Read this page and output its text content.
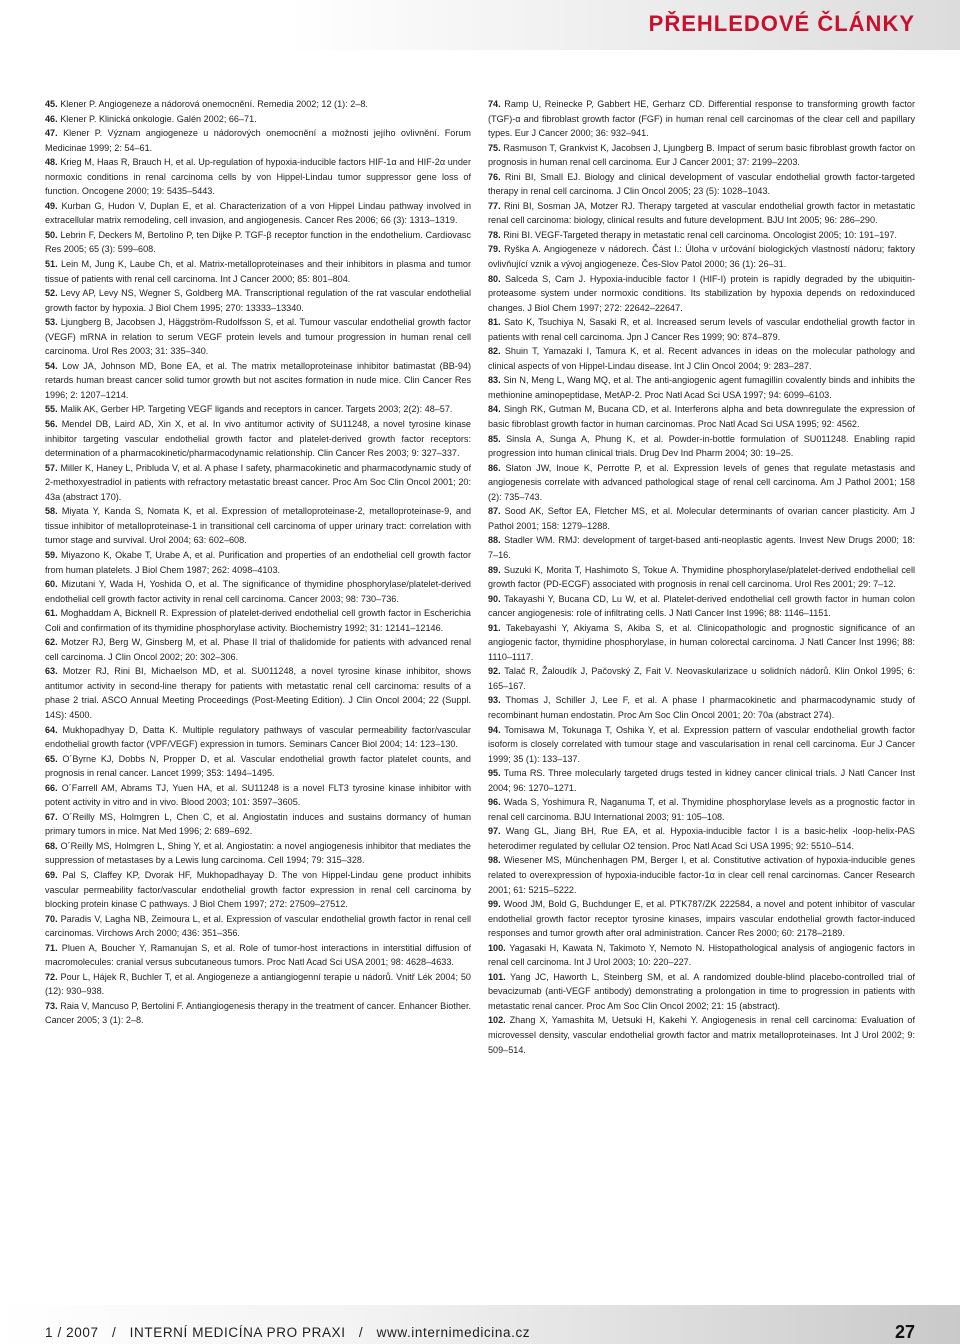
PŘEHLEDOVÉ ČLÁNKY

45. Klener P. Angiogeneze a nádorová onemocnění. Remedia 2002; 12 (1): 2–8.

46. Klener P. Klinická onkologie. Galén 2002; 66–71.

47. Klener P. Význam angiogeneze u nádorových onemocnění a možnosti jejího ovlivnění. Forum Medicinae 1999; 2: 54–61.

48. Krieg M, Haas R, Brauch H, et al. Up-regulation of hypoxia-inducible factors HIF-1α and HIF-2α under normoxic conditions in renal carcinoma cells by von Hippel-Lindau tumor suppressor gene loss of function. Oncogene 2000; 19: 5435–5443.

49. Kurban G, Hudon V, Duplan E, et al. Characterization of a von Hippel Lindau pathway involved in extracellular matrix remodeling, cell invasion, and angiogenesis. Cancer Res 2006; 66 (3): 1313–1319.

50. Lebrin F, Deckers M, Bertolino P, ten Dijke P. TGF-β receptor function in the endothelium. Cardiovasc Res 2005; 65 (3): 599–608.

51. Lein M, Jung K, Laube Ch, et al. Matrix-metalloproteinases and their inhibitors in plasma and tumor tissue of patients with renal cell carcinoma. Int J Cancer 2000; 85: 801–804.

52. Levy AP, Levy NS, Wegner S, Goldberg MA. Transcriptional regulation of the rat vascular endothelial growth factor by hypoxia. J Biol Chem 1995; 270: 13333–13340.

53. Ljungberg B, Jacobsen J, Häggström-Rudolfsson S, et al. Tumour vascular endothelial growth factor (VEGF) mRNA in relation to serum VEGF protein levels and tumour progression in human renal cell carcinoma. Urol Res 2003; 31: 335–340.

54. Low JA, Johnson MD, Bone EA, et al. The matrix metalloproteinase inhibitor batimastat (BB-94) retards human breast cancer solid tumor growth but not ascites formation in nude mice. Clin Cancer Res 1996; 2: 1207–1214.

55. Malik AK, Gerber HP. Targeting VEGF ligands and receptors in cancer. Targets 2003; 2(2): 48–57.

56. Mendel DB, Laird AD, Xin X, et al. In vivo antitumor activity of SU11248, a novel tyrosine kinase inhibitor targeting vascular endothelial growth factor and platelet-derived growth factor receptors: determination of a pharmacokinetic/pharmacodynamic relationship. Clin Cancer Res 2003; 9: 327–337.

57. Miller K, Haney L, Pribluda V, et al. A phase I safety, pharmacokinetic and pharmacodynamic study of 2-methoxyestradiol in patients with refractory metastatic breast cancer. Proc Am Soc Clin Oncol 2001; 20: 43a (abstract 170).

58. Miyata Y, Kanda S, Nomata K, et al. Expression of metalloproteinase-2, metalloproteinase-9, and tissue inhibitor of metalloproteinase-1 in transitional cell carcinoma of upper urinary tract: correlation with tumor stage and survival. Urol 2004; 63: 602–608.

59. Miyazono K, Okabe T, Urabe A, et al. Purification and properties of an endothelial cell growth factor from human platelets. J Biol Chem 1987; 262: 4098–4103.

60. Mizutani Y, Wada H, Yoshida O, et al. The significance of thymidine phosphorylase/platelet-derived endothelial cell growth factor activity in renal cell carcinoma. Cancer 2003; 98: 730–736.

61. Moghaddam A, Bicknell R. Expression of platelet-derived endothelial cell growth factor in Escherichia Coli and confirmation of its thymidine phosphorylase activity. Biochemistry 1992; 31: 12141–12146.

62. Motzer RJ, Berg W, Ginsberg M, et al. Phase II trial of thalidomide for patients with advanced renal cell carcinoma. J Clin Oncol 2002; 20: 302–306.

63. Motzer RJ, Rini BI, Michaelson MD, et al. SU011248, a novel tyrosine kinase inhibitor, shows antitumor activity in second-line therapy for patients with metastatic renal cell carcinoma: results of a phase 2 trial. ASCO Annual Meeting Proceedings (Post-Meeting Edition). J Clin Oncol 2004; 22 (Suppl. 14S): 4500.

64. Mukhopadhyay D, Datta K. Multiple regulatory pathways of vascular permeability factor/vascular endothelial growth factor (VPF/VEGF) expression in tumors. Seminars Cancer Biol 2004; 14: 123–130.

65. O´Byrne KJ, Dobbs N, Propper D, et al. Vascular endothelial growth factor platelet counts, and prognosis in renal cancer. Lancet 1999; 353: 1494–1495.

66. O´Farrell AM, Abrams TJ, Yuen HA, et al. SU11248 is a novel FLT3 tyrosine kinase inhibitor with potent activity in vitro and in vivo. Blood 2003; 101: 3597–3605.

67. O´Reilly MS, Holmgren L, Chen C, et al. Angiostatin induces and sustains dormancy of human primary tumors in mice. Nat Med 1996; 2: 689–692.

68. O´Reilly MS, Holmgren L, Shing Y, et al. Angiostatin: a novel angiogenesis inhibitor that mediates the suppression of metastases by a Lewis lung carcinoma. Cell 1994; 79: 315–328.

69. Pal S, Claffey KP, Dvorak HF, Mukhopadhayay D. The von Hippel-Lindau gene product inhibits vascular permeability factor/vascular endothelial growth factor expression in renal cell carcinoma by blocking protein kinase C pathways. J Biol Chem 1997; 272: 27509–27512.

70. Paradis V, Lagha NB, Zeimoura L, et al. Expression of vascular endothelial growth factor in renal cell carcinomas. Virchows Arch 2000; 436: 351–356.

71. Pluen A, Boucher Y, Ramanujan S, et al. Role of tumor-host interactions in interstitial diffusion of macromolecules: cranial versus subcutaneous tumors. Proc Natl Acad Sci USA 2001; 98: 4628–4633.

72. Pour L, Hájek R, Buchler T, et al. Angiogeneze a antiangiogenní terapie u nádorů. Vnitř Lék 2004; 50 (12): 930–938.

73. Raia V, Mancuso P, Bertolini F. Antiangiogenesis therapy in the treatment of cancer. Enhancer Biother. Cancer 2005; 3 (1): 2–8.

74. Ramp U, Reinecke P, Gabbert HE, Gerharz CD. Differential response to transforming growth factor (TGF)-α and fibroblast growth factor (FGF) in human renal cell carcinomas of the clear cell and papillary types. Eur J Cancer 2000; 36: 932–941.

75. Rasmuson T, Grankvist K, Jacobsen J, Ljungberg B. Impact of serum basic fibroblast growth factor on prognosis in human renal cell carcinoma. Eur J Cancer 2001; 37: 2199–2203.

76. Rini BI, Small EJ. Biology and clinical development of vascular endothelial growth factor-targeted therapy in renal cell carcinoma. J Clin Oncol 2005; 23 (5): 1028–1043.

77. Rini BI, Sosman JA, Motzer RJ. Therapy targeted at vascular endothelial growth factor in metastatic renal cell carcinoma: biology, clinical results and future development. BJU Int 2005; 96: 286–290.

78. Rini BI. VEGF-Targeted therapy in metastatic renal cell carcinoma. Oncologist 2005; 10: 191–197.

79. Ryška A. Angiogeneze v nádorech. Část I.: Úloha v určování biologických vlastností nádoru; faktory ovlivňující vznik a vývoj angiogeneze. Čes-Slov Patol 2000; 36 (1): 26–31.

80. Salceda S, Cam J. Hypoxia-inducible factor I (HIF-I) protein is rapidly degraded by the ubiquitin-proteasome system under normoxic conditions. Its stabilization by hypoxia depends on redoxinduced changes. J Biol Chem 1997; 272: 22642–22647.

81. Sato K, Tsuchiya N, Sasaki R, et al. Increased serum levels of vascular endothelial growth factor in patients with renal cell carcinoma. Jpn J Cancer Res 1999; 90: 874–879.

82. Shuin T, Yamazaki I, Tamura K, et al. Recent advances in ideas on the molecular pathology and clinical aspects of von Hippel-Lindau disease. Int J Clin Oncol 2004; 9: 283–287.

83. Sin N, Meng L, Wang MQ, et al. The anti-angiogenic agent fumagillin covalently binds and inhibits the methionine aminopeptidase, MetAP-2. Proc Natl Acad Sci USA 1997; 94: 6099–6103.

84. Singh RK, Gutman M, Bucana CD, et al. Interferons alpha and beta downregulate the expression of basic fibroblast growth factor in human carcinomas. Proc Natl Acad Sci USA 1995; 92: 4562.

85. Sinsla A, Sunga A, Phung K, et al. Powder-in-bottle formulation of SU011248. Enabling rapid progression into human clinical trials. Drug Dev Ind Pharm 2004; 30: 19–25.

86. Slaton JW, Inoue K, Perrotte P, et al. Expression levels of genes that regulate metastasis and angiogenesis correlate with advanced pathological stage of renal cell carcinoma. Am J Pathol 2001; 158 (2): 735–743.

87. Sood AK, Seftor EA, Fletcher MS, et al. Molecular determinants of ovarian cancer plasticity. Am J Pathol 2001; 158: 1279–1288.

88. Stadler WM. RMJ: development of target-based anti-neoplastic agents. Invest New Drugs 2000; 18: 7–16.

89. Suzuki K, Morita T, Hashimoto S, Tokue A. Thymidine phosphorylase/platelet-derived endothelial cell growth factor (PD-ECGF) associated with prognosis in renal cell carcinoma. Urol Res 2001; 29: 7–12.

90. Takayashi Y, Bucana CD, Lu W, et al. Platelet-derived endothelial cell growth factor in human colon cancer angiogenesis: role of infiltrating cells. J Natl Cancer Inst 1996; 88: 1146–1151.

91. Takebayashi Y, Akiyama S, Akiba S, et al. Clinicopathologic and prognostic significance of an angiogenic factor, thymidine phosphorylase, in human colorectal carcinoma. J Natl Cancer Inst 1996; 88: 1110–1117.

92. Talač R, Žaloudík J, Pačovský Z, Fait V. Neovaskularizace u solidních nádorů. Klin Onkol 1995; 6: 165–167.

93. Thomas J, Schiller J, Lee F, et al. A phase I pharmacokinetic and pharmacodynamic study of recombinant human endostatin. Proc Am Soc Clin Oncol 2001; 20: 70a (abstract 274).

94. Tomisawa M, Tokunaga T, Oshika Y, et al. Expression pattern of vascular endothelial growth factor isoform is closely correlated with tumour stage and vascularisation in renal cell carcinoma. Eur J Cancer 1999; 35 (1): 133–137.

95. Tuma RS. Three molecularly targeted drugs tested in kidney cancer clinical trials. J Natl Cancer Inst 2004; 96: 1270–1271.

96. Wada S, Yoshimura R, Naganuma T, et al. Thymidine phosphorylase levels as a prognostic factor in renal cell carcinoma. BJU International 2003; 91: 105–108.

97. Wang GL, Jiang BH, Rue EA, et al. Hypoxia-inducible factor I is a basic-helix -loop-helix-PAS heterodimer regulated by cellular O2 tension. Proc Natl Acad Sci USA 1995; 92: 5510–514.

98. Wiesener MS, Münchenhagen PM, Berger I, et al. Constitutive activation of hypoxia-inducible genes related to overexpression of hypoxia-inducible factor-1α in clear cell renal carcinomas. Cancer Research 2001; 61: 5215–5222.

99. Wood JM, Bold G, Buchdunger E, et al. PTK787/ZK 222584, a novel and potent inhibitor of vascular endothelial growth factor receptor tyrosine kinases, impairs vascular endothelial growth factor-induced responses and tumor growth after oral administration. Cancer Res 2000; 60: 2178–2189.

100. Yagasaki H, Kawata N, Takimoto Y, Nemoto N. Histopathological analysis of angiogenic factors in renal cell carcinoma. Int J Urol 2003; 10: 220–227.

101. Yang JC, Haworth L, Steinberg SM, et al. A randomized double-blind placebo-controlled trial of bevacizumab (anti-VEGF antibody) demonstrating a prolongation in time to progression in patients with metastatic renal cancer. Proc Am Soc Clin Oncol 2002; 21: 15 (abstract).

102. Zhang X, Yamashita M, Uetsuki H, Kakehi Y. Angiogenesis in renal cell carcinoma: Evaluation of microvessel density, vascular endothelial growth factor and matrix metalloproteinases. Int J Urol 2002; 9: 509–514.

1 / 2007 / INTERNÍ MEDICÍNA PRO PRAXI / www.internimedicina.cz	27
